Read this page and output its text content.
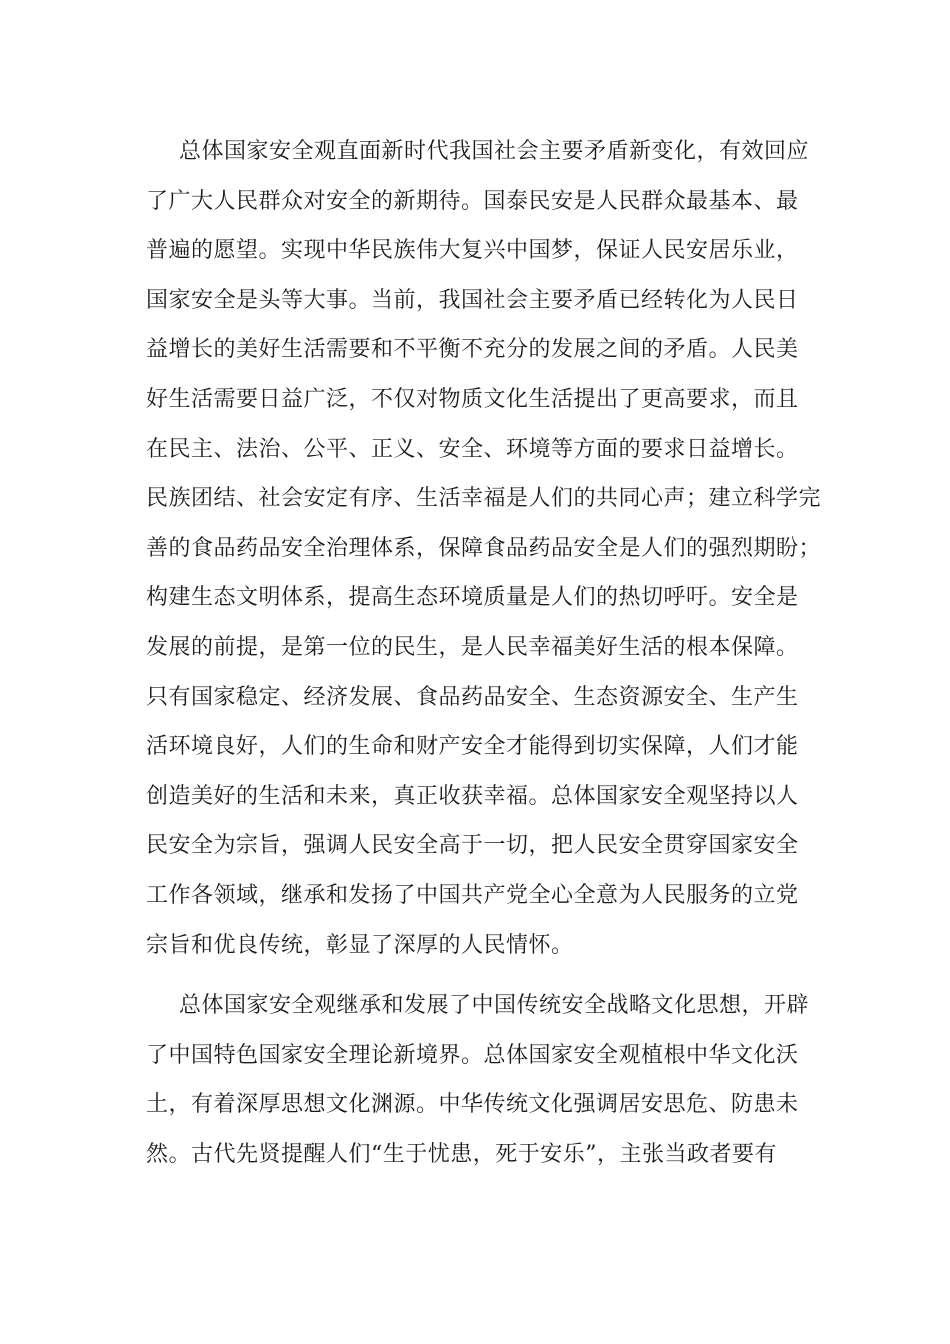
总体国家安全观直面新时代我国社会主要矛盾新变化，有效回应
了广大人民群众对安全的新期待。国泰民安是人民群众最基本、最
普遍的愿望。实现中华民族伟大复兴中国梦，保证人民安居乐业，
国家安全是头等大事。当前，我国社会主要矛盾已经转化为人民日
益增长的美好生活需要和不平衡不充分的发展之间的矛盾。人民美
好生活需要日益广泛，不仅对物质文化生活提出了更高要求，而且
在民主、法治、公平、正义、安全、环境等方面的要求日益增长。
民族团结、社会安定有序、生活幸福是人们的共同心声；建立科学完
善的食品药品安全治理体系，保障食品药品安全是人们的强烈期盼；
构建生态文明体系，提高生态环境质量是人们的热切呼吁。安全是
发展的前提，是第一位的民生，是人民幸福美好生活的根本保障。
只有国家稳定、经济发展、食品药品安全、生态资源安全、生产生
活环境良好，人们的生命和财产安全才能得到切实保障，人们才能
创造美好的生活和未来，真正收获幸福。总体国家安全观坚持以人
民安全为宗旨，强调人民安全高于一切，把人民安全贯穿国家安全
工作各领域，继承和发扬了中国共产党全心全意为人民服务的立党
宗旨和优良传统，彰显了深厚的人民情怀。
总体国家安全观继承和发展了中国传统安全战略文化思想，开辟
了中国特色国家安全理论新境界。总体国家安全观植根中华文化沃
土，有着深厚思想文化渊源。中华传统文化强调居安思危、防患未
然。古代先贤提醒人们“生于忧患，死于安乐”，主张当政者要有
